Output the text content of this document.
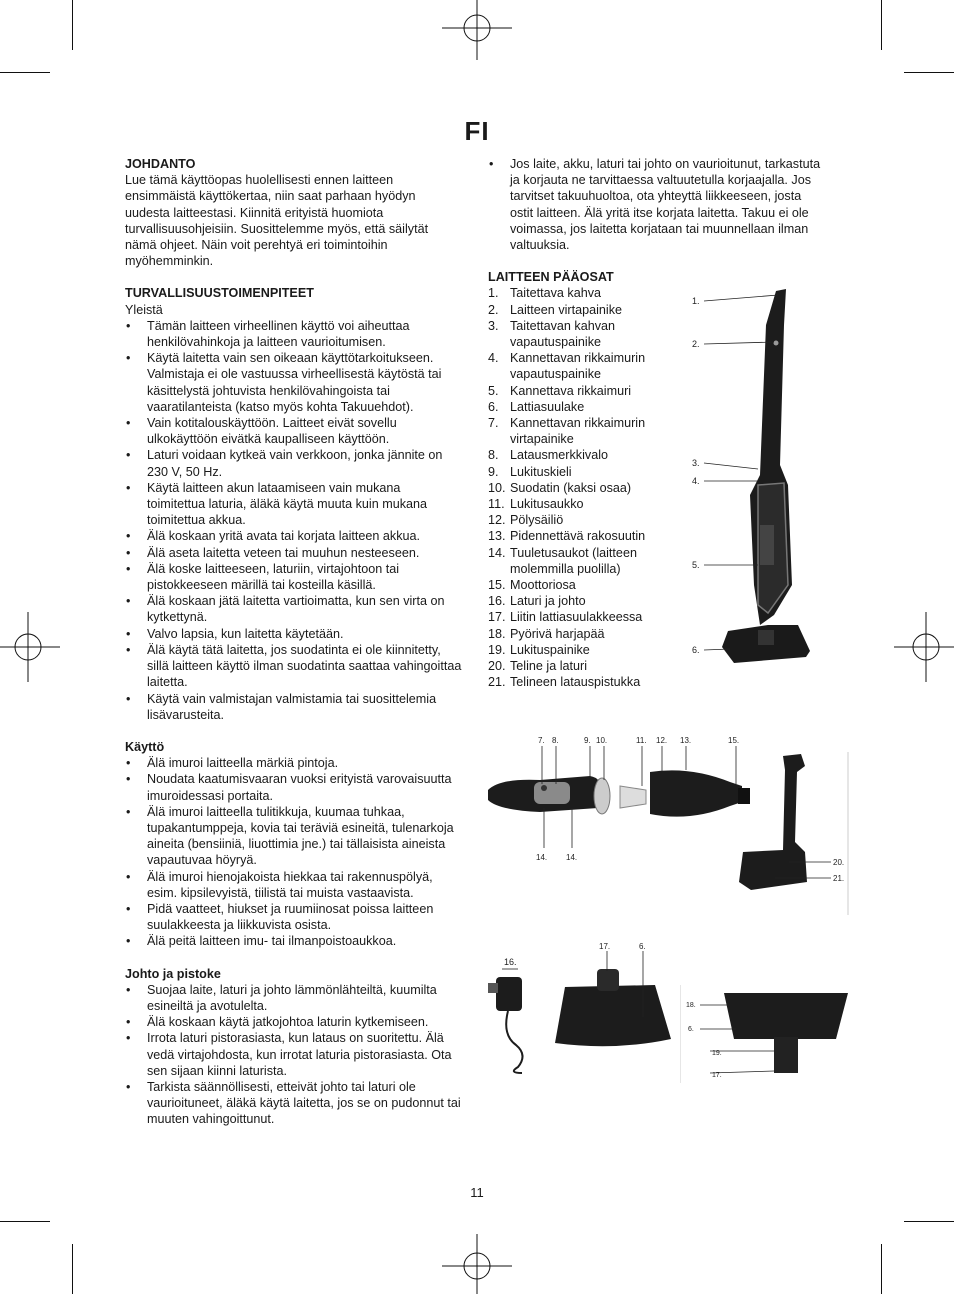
FI

JOHDANTO

Lue tämä käyttöopas huolellisesti ennen laitteen ensimmäistä käyttökertaa, niin saat parhaan hyödyn uudesta laitteestasi. Kiinnitä erityistä huomiota turvallisuusohjeisiin. Suosittelemme myös, että säilytät nämä ohjeet. Näin voit perehtyä eri toimintoihin myöhemminkin.

TURVALLISUUSTOIMENPITEET

Yleistä

• Tämän laitteen virheellinen käyttö voi aiheuttaa henkilövahinkoja ja laitteen vaurioitumisen.
• Käytä laitetta vain sen oikeaan käyttötarkoitukseen. Valmistaja ei ole vastuussa virheellisestä käytöstä tai käsittelystä johtuvista henkilövahingoista tai vaaratilanteista (katso myös kohta Takuuehdot).
• Vain kotitalouskäyttöön. Laitteet eivät sovellu ulkokäyttöön eivätkä kaupalliseen käyttöön.
• Laturi voidaan kytkeä vain verkkoon, jonka jännite on 230 V, 50 Hz.
• Käytä laitteen akun lataamiseen vain mukana toimitettua laturia, äläkä käytä muuta kuin mukana toimitettua akkua.
• Älä koskaan yritä avata tai korjata laitteen akkua.
• Älä aseta laitetta veteen tai muuhun nesteeseen.
• Älä koske laitteeseen, laturiin, virtajohtoon tai pistokkeeseen märillä tai kosteilla käsillä.
• Älä koskaan jätä laitetta vartioimatta, kun sen virta on kytkettynä.
• Valvo lapsia, kun laitetta käytetään.
• Älä käytä tätä laitetta, jos suodatinta ei ole kiinnitetty, sillä laitteen käyttö ilman suodatinta saattaa vahingoittaa laitetta.
• Käytä vain valmistajan valmistamia tai suosittelemia lisävarusteita.

Käyttö

• Älä imuroi laitteella märkiä pintoja.
• Noudata kaatumisvaaran vuoksi erityistä varovaisuutta imuroidessasi portaita.
• Älä imuroi laitteella tulitikkuja, kuumaa tuhkaa, tupakantumppeja, kovia tai teräviä esineitä, tulenarkoja aineita (bensiiniä, liuottimia jne.) tai tällaisista aineista vapautuvaa höyryä.
• Älä imuroi hienojakoista hiekkaa tai rakennuspölyä, esim. kipsilevyistä, tiilistä tai muista vastaavista.
• Pidä vaatteet, hiukset ja ruumiinosat poissa laitteen suulakkeesta ja liikkuvista osista.
• Älä peitä laitteen imu- tai ilmanpoistoaukkoa.

Johto ja pistoke

• Suojaa laite, laturi ja johto lämmönlähteiltä, kuumilta esineiltä ja avotulelta.
• Älä koskaan käytä jatkojohtoa laturin kytkemiseen.
• Irrota laturi pistorasiasta, kun lataus on suoritettu. Älä vedä virtajohdosta, kun irrotat laturia pistorasiasta. Ota sen sijaan kiinni laturista.
• Tarkista säännöllisesti, etteivät johto tai laturi ole vaurioituneet, äläkä käytä laitetta, jos se on pudonnut tai muuten vahingoittunut.
• Jos laite, akku, laturi tai johto on vaurioitunut, tarkastuta ja korjauta ne tarvittaessa valtuutetulla korjaajalla. Jos tarvitset takuuhuoltoa, ota yhteyttä liikkeeseen, josta ostit laitteen. Älä yritä itse korjata laitetta. Takuu ei ole voimassa, jos laitetta korjataan tai muunnellaan ilman valtuuksia.

LAITTEEN PÄÄOSAT

1. Taitettava kahva
2. Laitteen virtapainike
3. Taitettavan kahvan vapautuspainike
4. Kannettavan rikkaimurin vapautuspainike
5. Kannettava rikkaimuri
6. Lattiasuulake
7. Kannettavan rikkaimurin virtapainike
8. Latausmerkkivalo
9. Lukituskieli
10. Suodatin (kaksi osaa)
11. Lukitusaukko
12. Pölysäiliö
13. Pidennettävä rakosuutin
14. Tuuletusaukot (laitteen molemmilla puolilla)
15. Moottoriosa
16. Laturi ja johto
17. Liitin lattiasuulakkeessa
18. Pyörivä harjapää
19. Lukituspainike
20. Teline ja laturi
21. Telineen latauspistukka
1.
2.
3.
4.
5.
6.
7. 8.	9. 10.	11. 12. 13.	15.
14. 14.
20.
21.
16.
17.	6.
18.
6.
19.
17.
11
